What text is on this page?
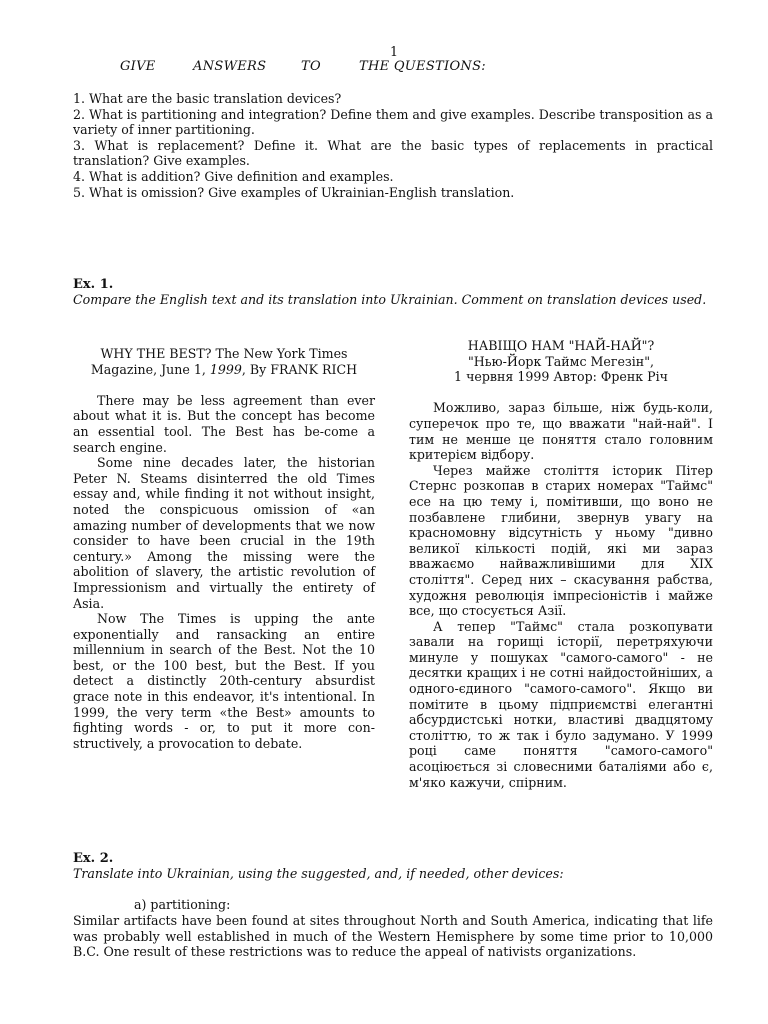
1
GIVE	ANSWERS	TO	THE QUESTIONS:
1. What are the basic translation devices?
2. What is partitioning and integration? Define them and give examples. Describe transposition as a variety of inner partitioning.
3. What is replacement? Define it. What are the basic types of replacements in practical translation? Give examples.
4. What is addition? Give definition and examples.
5. What is omission? Give examples of Ukrainian-English translation.
Ex. 1.
Compare the English text and its translation into Ukrainian. Comment on translation devices used.
WHY THE BEST? The New York Times Magazine, June 1, 1999, By FRANK RICH

There may be less agreement than ever about what it is. But the concept has become an essential tool. The Best has be-come a search engine.

Some nine decades later, the historian Peter N. Steams disinterred the old Times essay and, while finding it not without insight, noted the conspicuous omission of «an amazing number of developments that we now consider to have been crucial in the 19th century.» Among the missing were the abolition of slavery, the artistic revolution of Impressionism and virtually the entirety of Asia.

Now The Times is upping the ante exponentially and ransacking an entire millennium in search of the Best. Not the 10 best, or the 100 best, but the Best. If you detect a distinctly 20th-century absurdist grace note in this endeavor, it's intentional. In 1999, the very term «the Best» amounts to fighting words - or, to put it more con-structively, a provocation to debate.

НАВІЩО НАМ "НАЙ-НАЙ"?
"Нью-Йорк Таймс Мегезін",
1 червня 1999 Автор: Френк Річ

Можливо, зараз більше, ніж будь-коли, суперечок про те, що вважати "най-най". І тим не менше це поняття стало головним критерієм відбору.

Через майже століття історик Пітер Стернс розкопав в старих номерах "Таймс" есе на цю тему і, помітивши, що воно не позбавлене глибини, звернув увагу на красномовну відсутність у ньому "дивно великої кількості подій, які ми зараз вважаємо найважливішими для XIX століття". Серед них – скасування рабства, художня революція імпресіоністів і майже все, що стосується Азії.

А тепер "Таймс" стала розкопувати завали на горищі історії, перетряхуючи минуле у пошуках "самого-самого" - не десятки кращих і не сотні найдостойніших, а одного-єдиного "самого-самого". Якщо ви помітите в цьому підприємстві елегантні абсурдистські нотки, властиві двадцятому століттю, то ж так і було задумано. У 1999 році саме поняття "самого-самого" асоціюється зі словесними баталіями або є, м'яко кажучи, спірним.

Ex. 2.
Translate into Ukrainian, using the suggested, and, if needed, other devices:
a) partitioning:
Similar artifacts have been found at sites throughout North and South America, indicating that life was probably well established in much of the Western Hemisphere by some time prior to 10,000 B.C. One result of these restrictions was to reduce the appeal of nativists organizations.
